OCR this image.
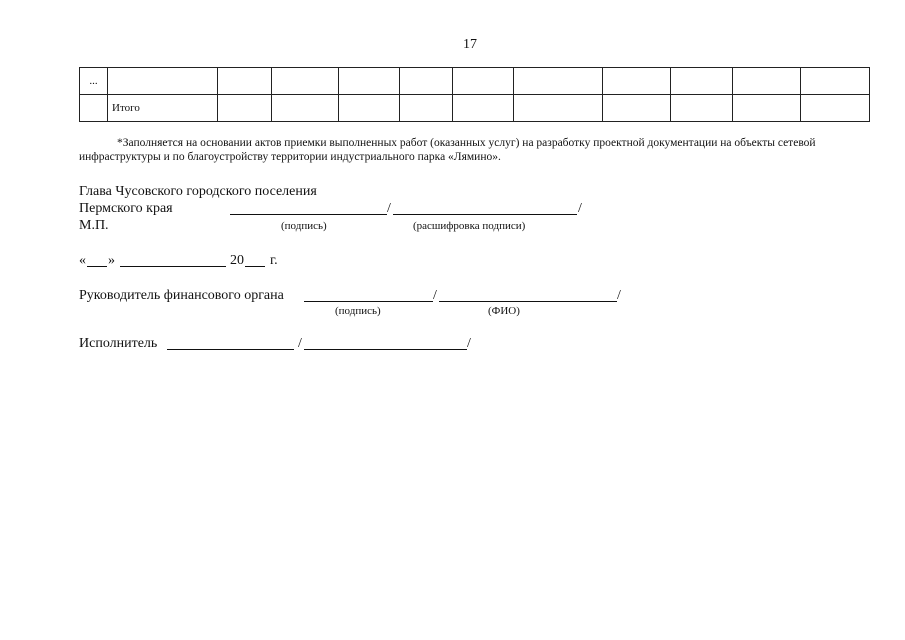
17
...											
	Итого										
*Заполняется на основании актов приемки выполненных работ (оказанных услуг) на разработку проектной документации на объекты сетевой инфраструктуры и по благоустройству территории индустриального парка «Лямино».
Глава Чусовского городского поселения
Пермского края	/	/
М.П.	(подпись)	(расшифровка подписи)
« »	20 г.
Руководитель финансового органа	/	/
(подпись)	(ФИО)
Исполнитель	/	/
